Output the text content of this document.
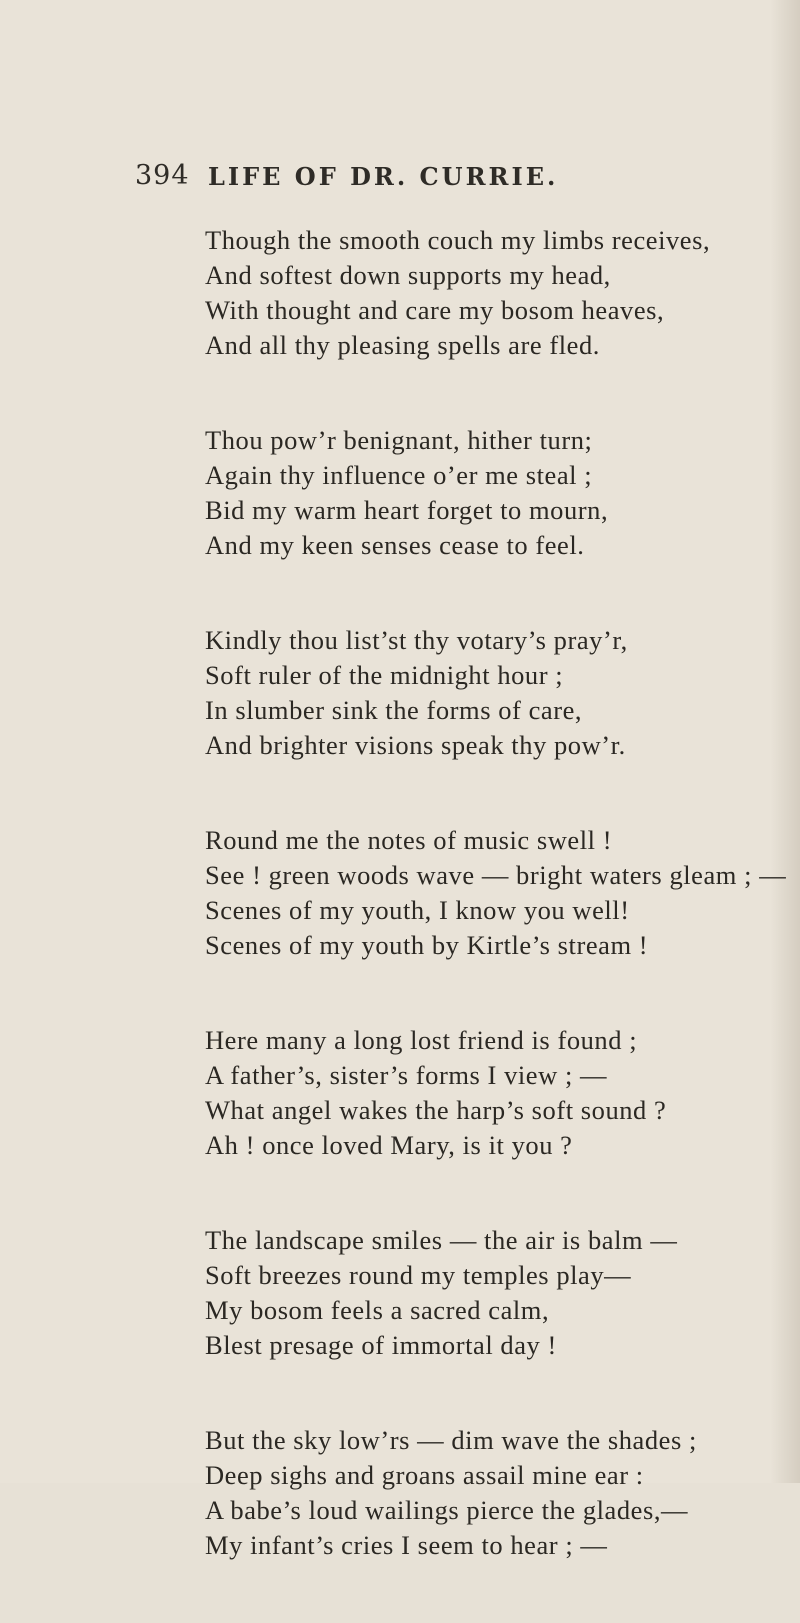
394 LIFE OF DR. CURRIE.
Though the smooth couch my limbs receives,
And softest down supports my head,
With thought and care my bosom heaves,
And all thy pleasing spells are fled.
Thou pow’r benignant, hither turn;
Again thy influence o’er me steal ;
Bid my warm heart forget to mourn,
And my keen senses cease to feel.
Kindly thou list’st thy votary’s pray’r,
Soft ruler of the midnight hour ;
In slumber sink the forms of care,
And brighter visions speak thy pow’r.
Round me the notes of music swell !
See ! green woods wave — bright waters gleam ; —
Scenes of my youth, I know you well!
Scenes of my youth by Kirtle’s stream !
Here many a long lost friend is found ;
A father’s, sister’s forms I view ; —
What angel wakes the harp’s soft sound ?
Ah ! once loved Mary, is it you ?
The landscape smiles — the air is balm —
Soft breezes round my temples play—
My bosom feels a sacred calm,
Blest presage of immortal day !
But the sky low’rs — dim wave the shades ;
Deep sighs and groans assail mine ear :
A babe’s loud wailings pierce the glades,—
My infant’s cries I seem to hear ; —
